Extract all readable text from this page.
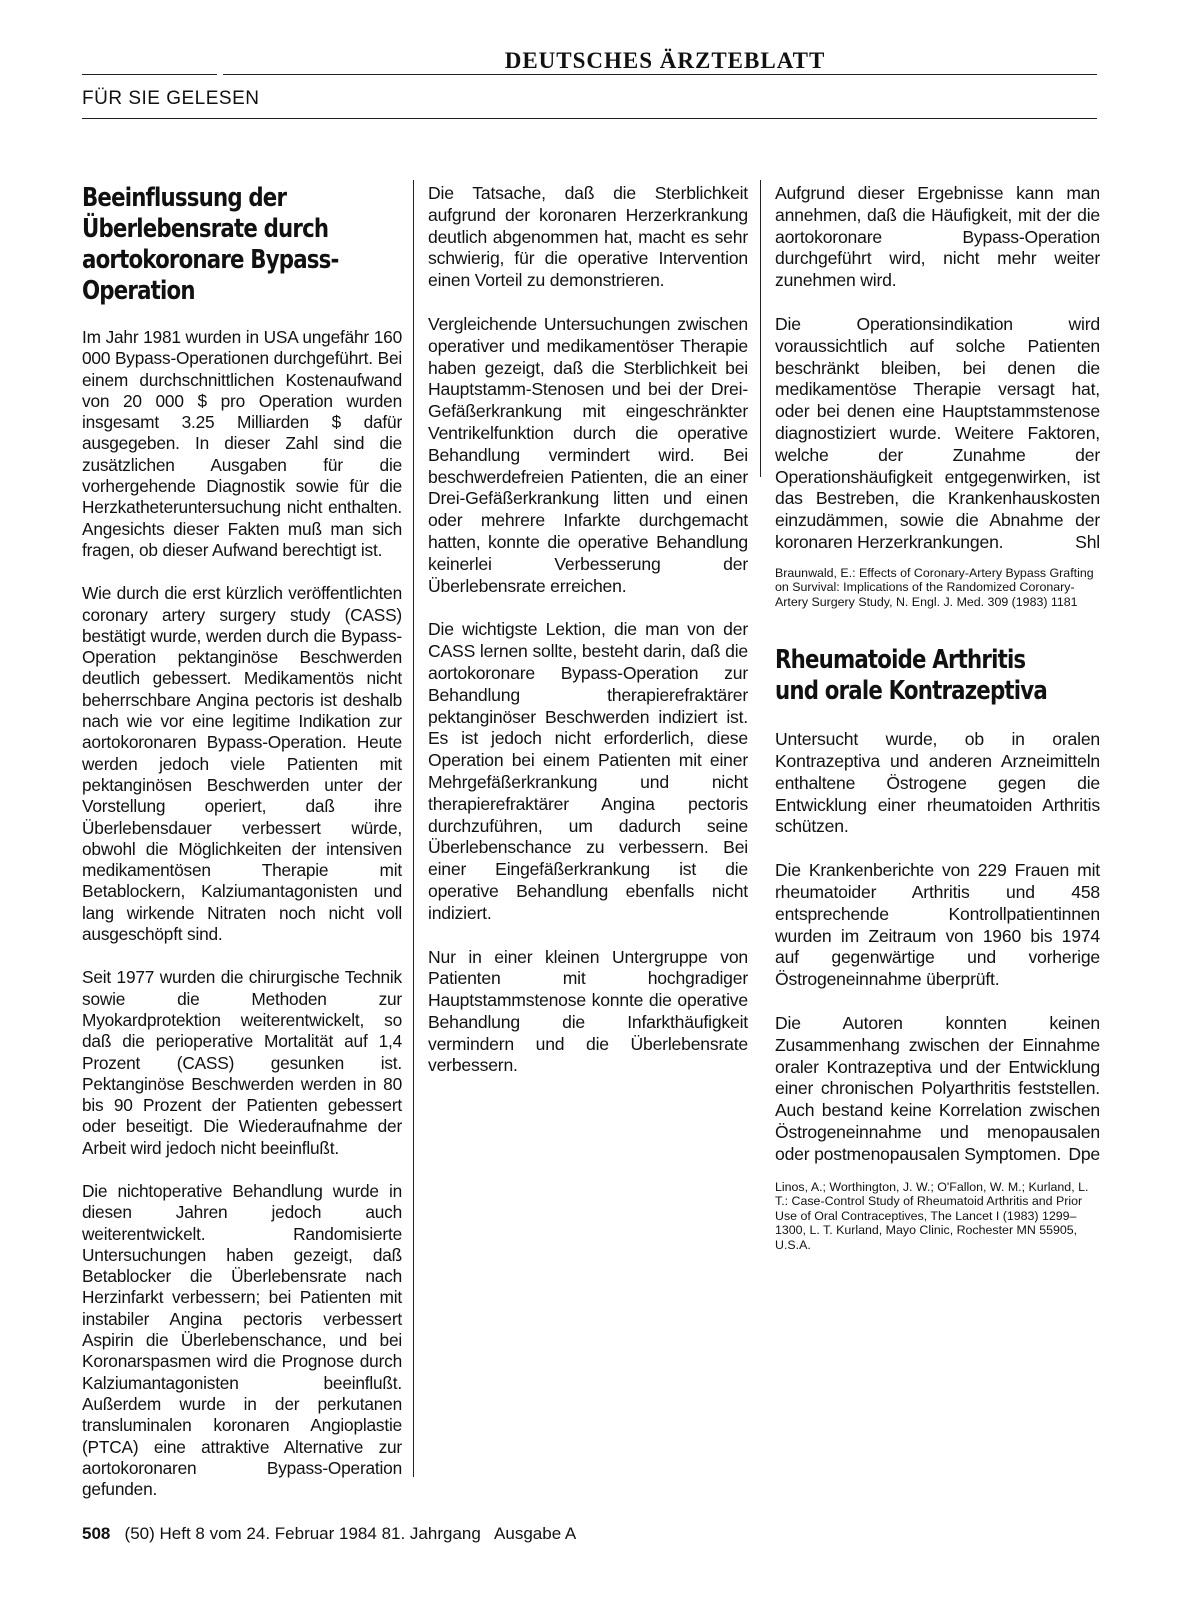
DEUTSCHES ÄRZTEBLATT
FÜR SIE GELESEN
Beeinflussung der Überlebensrate durch aortokoronare Bypass-Operation

Im Jahr 1981 wurden in USA ungefähr 160 000 Bypass-Operationen durchgeführt. Bei einem durchschnittlichen Kostenaufwand von 20 000 $ pro Operation wurden insgesamt 3.25 Milliarden $ dafür ausgegeben. In dieser Zahl sind die zusätzlichen Ausgaben für die vorhergehende Diagnostik sowie für die Herzkatheteruntersuchung nicht enthalten. Angesichts dieser Fakten muß man sich fragen, ob dieser Aufwand berechtigt ist.

Wie durch die erst kürzlich veröffentlichten coronary artery surgery study (CASS) bestätigt wurde, werden durch die Bypass-Operation pektanginöse Beschwerden deutlich gebessert. Medikamentös nicht beherrschbare Angina pectoris ist deshalb nach wie vor eine legitime Indikation zur aortokoronaren Bypass-Operation. Heute werden jedoch viele Patienten mit pektanginösen Beschwerden unter der Vorstellung operiert, daß ihre Überlebensdauer verbessert würde, obwohl die Möglichkeiten der intensiven medikamentösen Therapie mit Betablockern, Kalziumantagonisten und lang wirkende Nitraten noch nicht voll ausgeschöpft sind.

Seit 1977 wurden die chirurgische Technik sowie die Methoden zur Myokardprotektion weiterentwickelt, so daß die perioperative Mortalität auf 1,4 Prozent (CASS) gesunken ist. Pektanginöse Beschwerden werden in 80 bis 90 Prozent der Patienten gebessert oder beseitigt. Die Wiederaufnahme der Arbeit wird jedoch nicht beeinflußt.

Die nichtoperative Behandlung wurde in diesen Jahren jedoch auch weiterentwickelt. Randomisierte Untersuchungen haben gezeigt, daß Betablocker die Überlebensrate nach Herzinfarkt verbessern; bei Patienten mit instabiler Angina pectoris verbessert Aspirin die Überlebenschance, und bei Koronarspasmen wird die Prognose durch Kalziumantagonisten beeinflußt. Außerdem wurde in der perkutanen transluminalen koronaren Angioplastie (PTCA) eine attraktive Alternative zur aortokoronaren Bypass-Operation gefunden.

Die Tatsache, daß die Sterblichkeit aufgrund der koronaren Herzerkrankung deutlich abgenommen hat, macht es sehr schwierig, für die operative Intervention einen Vorteil zu demonstrieren.

Vergleichende Untersuchungen zwischen operativer und medikamentöser Therapie haben gezeigt, daß die Sterblichkeit bei Hauptstamm-Stenosen und bei der Drei-Gefäßerkrankung mit eingeschränkter Ventrikelfunktion durch die operative Behandlung vermindert wird. Bei beschwerdefreien Patienten, die an einer Drei-Gefäßerkrankung litten und einen oder mehrere Infarkte durchgemacht hatten, konnte die operative Behandlung keinerlei Verbesserung der Überlebensrate erreichen.

Die wichtigste Lektion, die man von der CASS lernen sollte, besteht darin, daß die aortokoronare Bypass-Operation zur Behandlung therapierefraktärer pektanginöser Beschwerden indiziert ist. Es ist jedoch nicht erforderlich, diese Operation bei einem Patienten mit einer Mehrgefäßerkrankung und nicht therapierefraktärer Angina pectoris durchzuführen, um dadurch seine Überlebenschance zu verbessern. Bei einer Eingefäßerkrankung ist die operative Behandlung ebenfalls nicht indiziert.

Nur in einer kleinen Untergruppe von Patienten mit hochgradiger Hauptstammstenose konnte die operative Behandlung die Infarkthäufigkeit vermindern und die Überlebensrate verbessern.

Aufgrund dieser Ergebnisse kann man annehmen, daß die Häufigkeit, mit der die aortokoronare Bypass-Operation durchgeführt wird, nicht mehr weiter zunehmen wird.

Die Operationsindikation wird voraussichtlich auf solche Patienten beschränkt bleiben, bei denen die medikamentöse Therapie versagt hat, oder bei denen eine Hauptstammstenose diagnostiziert wurde. Weitere Faktoren, welche der Zunahme der Operationshäufigkeit entgegenwirken, ist das Bestreben, die Krankenhauskosten einzudämmen, sowie die Abnahme der koronaren Herzerkrankungen.	Shl

Braunwald, E.: Effects of Coronary-Artery Bypass Grafting on Survival: Implications of the Randomized Coronary-Artery Surgery Study, N. Engl. J. Med. 309 (1983) 1181

Rheumatoide Arthritis und orale Kontrazeptiva

Untersucht wurde, ob in oralen Kontrazeptiva und anderen Arzneimitteln enthaltene Östrogene gegen die Entwicklung einer rheumatoiden Arthritis schützen.

Die Krankenberichte von 229 Frauen mit rheumatoider Arthritis und 458 entsprechende Kontrollpatientinnen wurden im Zeitraum von 1960 bis 1974 auf gegenwärtige und vorherige Östrogeneinnahme überprüft.

Die Autoren konnten keinen Zusammenhang zwischen der Einnahme oraler Kontrazeptiva und der Entwicklung einer chronischen Polyarthritis feststellen. Auch bestand keine Korrelation zwischen Östrogeneinnahme und menopausalen oder postmenopausalen Symptomen. Dpe

Linos, A.; Worthington, J. W.; O'Fallon, W. M.; Kurland, L. T.: Case-Control Study of Rheumatoid Arthritis and Prior Use of Oral Contraceptives, The Lancet I (1983) 1299–1300, L. T. Kurland, Mayo Clinic, Rochester MN 55905, U.S.A.

508 (50) Heft 8 vom 24. Februar 1984 81. Jahrgang   Ausgabe A
